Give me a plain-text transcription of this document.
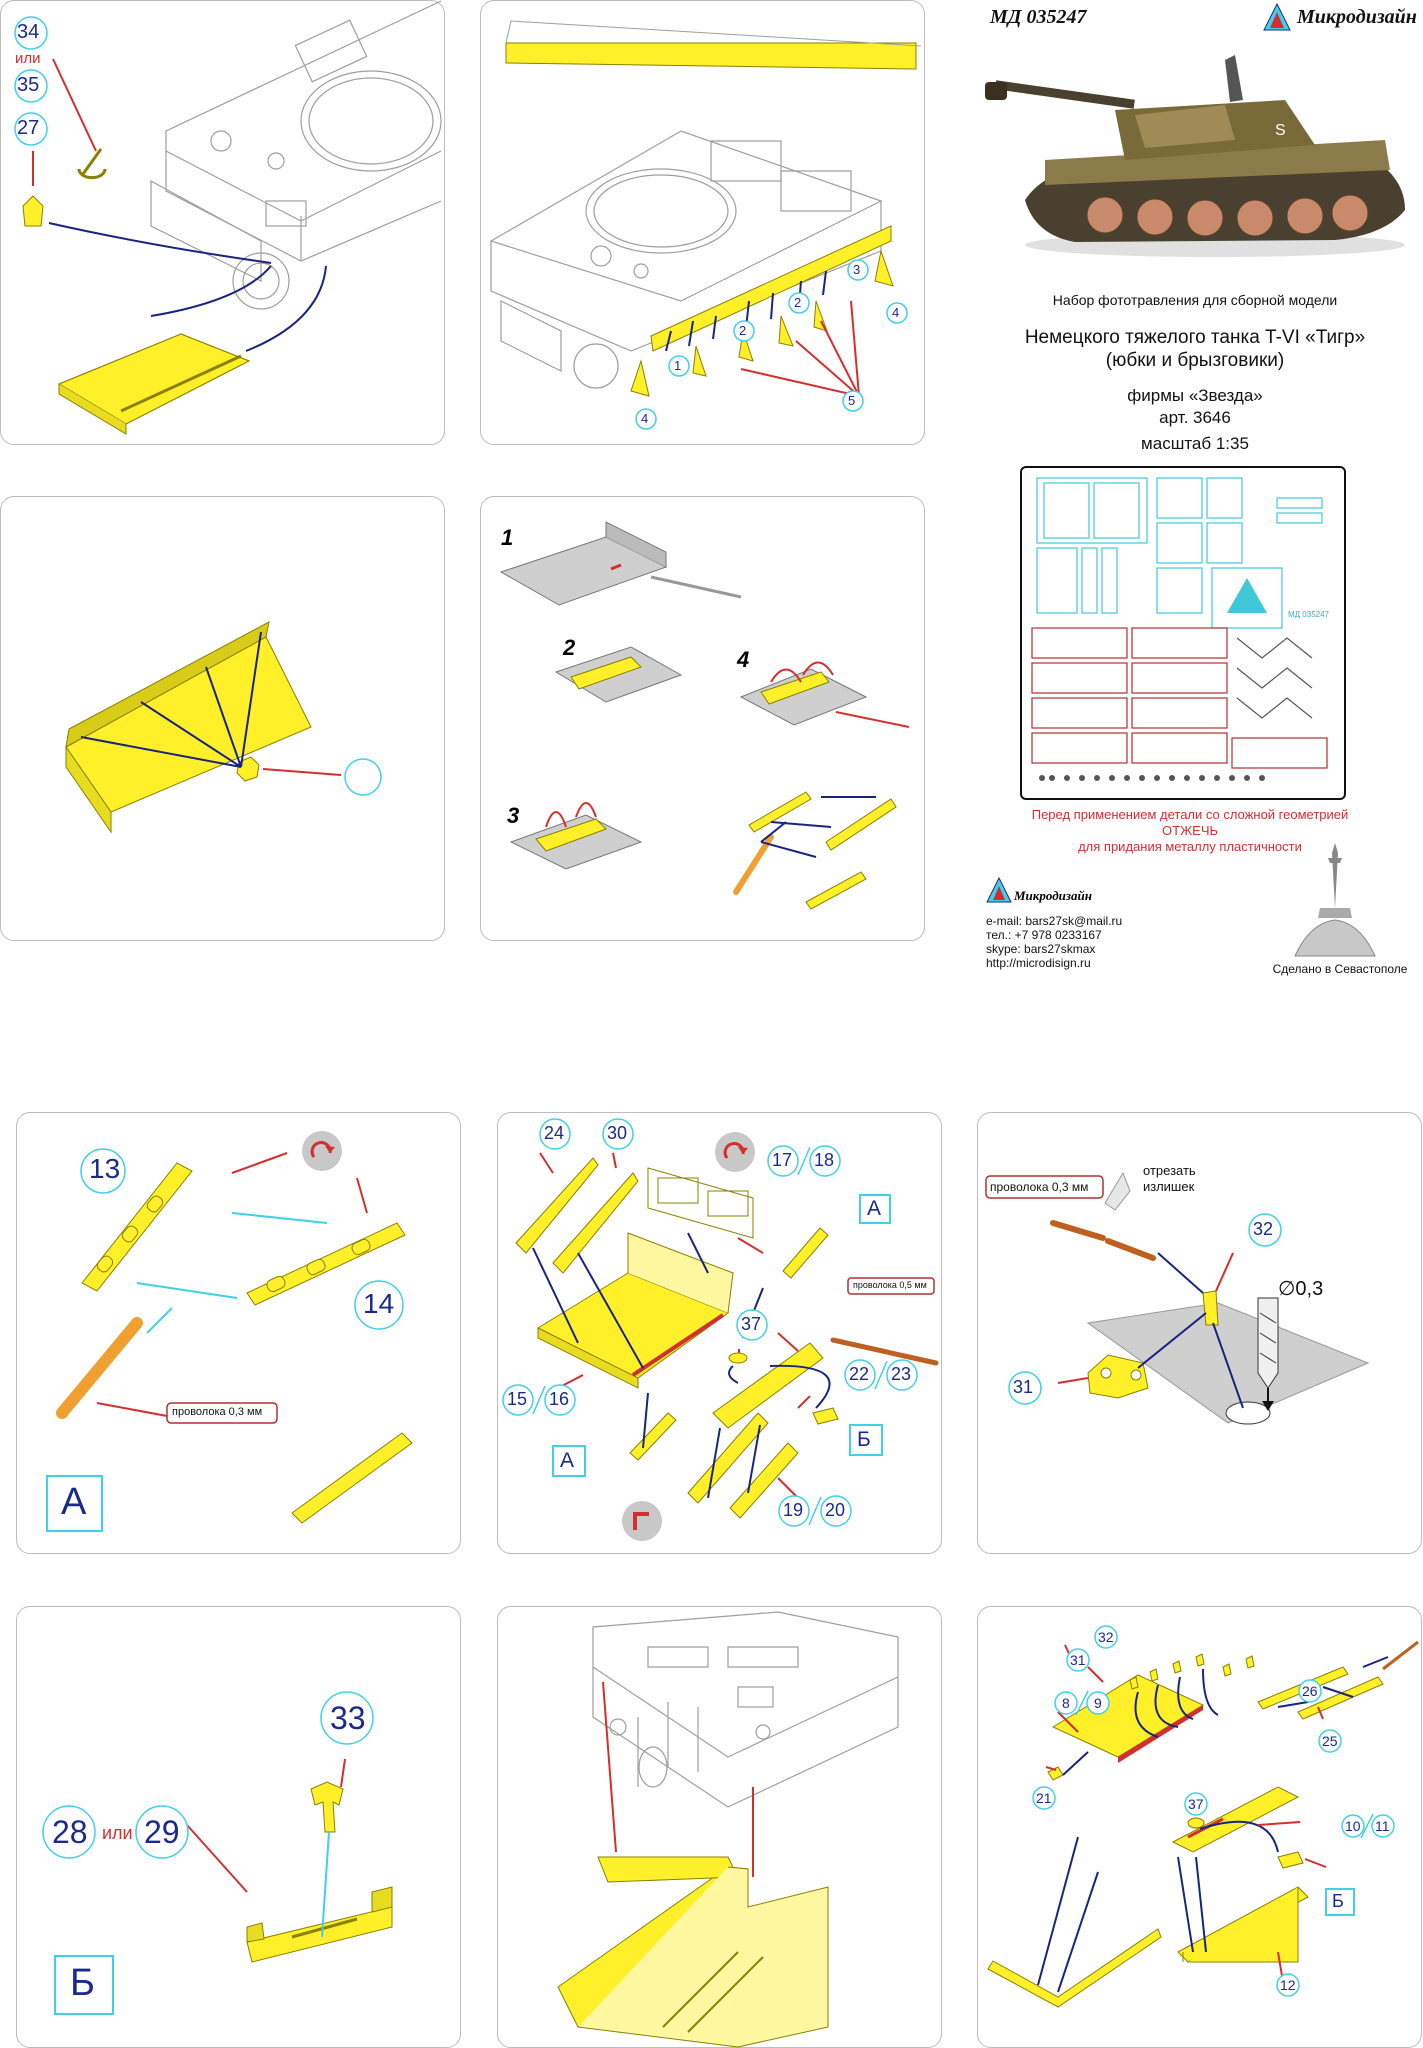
34
или
35
27
1
2
2
3
4
4
5
МД 035247	Микродизайн
S
Набор фототравления для сборной модели
Немецкого тяжелого танка T-VI «Тигр»
(юбки и брызговики)
фирмы «Звезда»
арт. 3646
масштаб 1:35
МД 035247
Перед применением детали со сложной геометрией
ОТЖЕЧЬ
для придания металлу пластичности
Микродизайн
e-mail: bars27sk@mail.ru
тел.: +7 978 0233167
skype: bars27skmax
http://microdisign.ru	Сделано в Севастополе
1
2
3
4
13
14
проволока 0,3 мм
А
24 30
17 18
А
проволока 0,5 мм
37
22 23
15 16
А
Б
19 20
проволока 0,3 мм
отрезать
излишек
32
∅0,3
31
33
28 или 29
Б
32
31
26
8 9
25
37
10 11
21
Б
12
